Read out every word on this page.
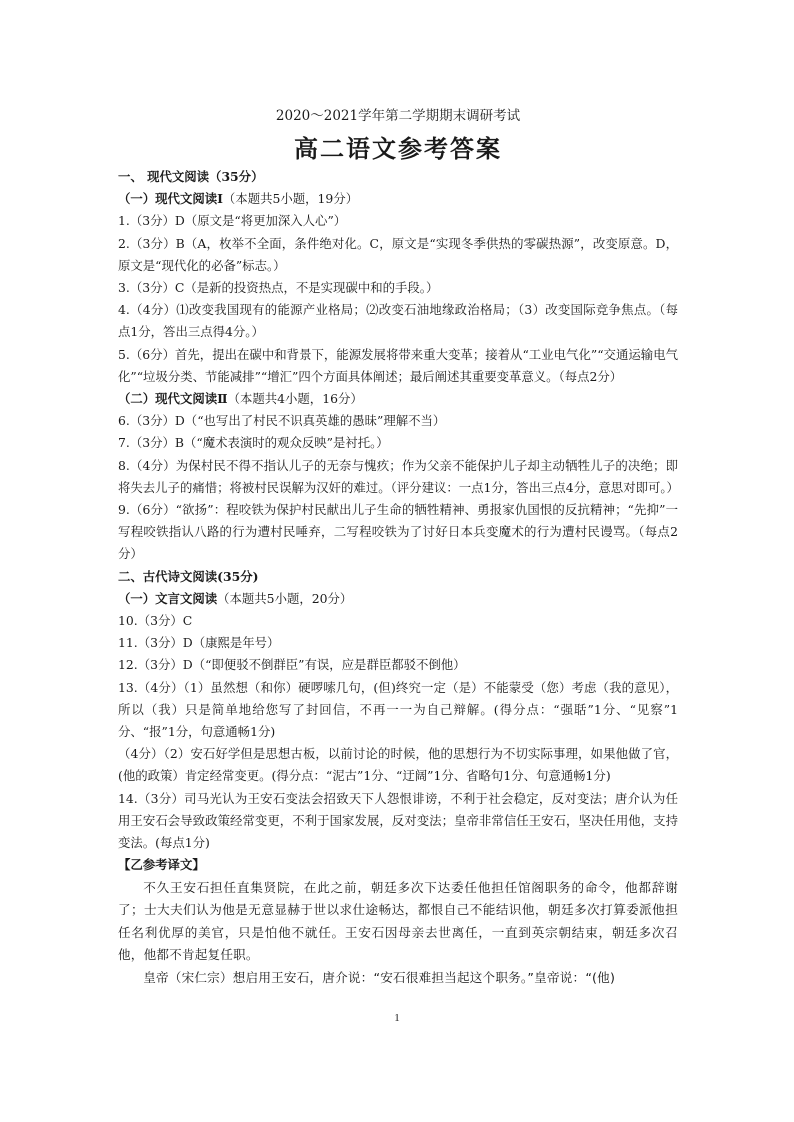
2020～2021学年第二学期期末调研考试
高二语文参考答案
一、 现代文阅读（35分）
（一）现代文阅读Ⅰ（本题共5小题，19分）
1.（3分）D（原文是“将更加深入人心”）
2.（3分）B（A，枚举不全面，条件绝对化。C，原文是“实现冬季供热的零碳热源”，改变原意。D，原文是“现代化的必备”标志。）
3.（3分）C（是新的投资热点，不是实现碳中和的手段。）
4.（4分）⑴改变我国现有的能源产业格局；⑵改变石油地缘政治格局；（3）改变国际竞争焦点。（每点1分，答出三点得4分。）
5.（6分）首先，提出在碳中和背景下，能源发展将带来重大变革；接着从“工业电气化”“交通运输电气化”“垃圾分类、节能减排”“增汇”四个方面具体阐述；最后阐述其重要变革意义。（每点2分）
（二）现代文阅读Ⅱ（本题共4小题，16分）
6.（3分）D（“也写出了村民不识真英雄的愚昧”理解不当）
7.（3分）B（“魔术表演时的观众反映”是衬托。）
8.（4分）为保村民不得不指认儿子的无奈与愧疚；作为父亲不能保护儿子却主动牺牲儿子的决绝；即将失去儿子的痛惜；将被村民误解为汉奸的难过。（评分建议：一点1分，答出三点4分，意思对即可。）
9.（6分）“欲扬”：程咬铁为保护村民献出儿子生命的牺牲精神、勇报家仇国恨的反抗精神；“先抑”一写程咬铁指认八路的行为遭村民唾弃，二写程咬铁为了讨好日本兵变魔术的行为遭村民谩骂。（每点2分）
二、古代诗文阅读(35分)
（一）文言文阅读（本题共5小题，20分）
10.（3分）C
11.（3分）D（康熙是年号）
12.（3分）D（“即便驳不倒群臣”有误，应是群臣都驳不倒他）
13.（4分）（1）虽然想（和你）硬啰嗦几句，(但)终究一定（是）不能蒙受（您）考虑（我的意见），所以（我）只是简单地给您写了封回信，不再一一为自己辩解。(得分点：“强聒”1分、“见察”1分、“报”1分，句意通畅1分)
（4分）（2）安石好学但是思想古板，以前讨论的时候，他的思想行为不切实际事理，如果他做了官，(他的政策）肯定经常变更。(得分点：“泥古”1分、“迂阔”1分、省略句1分、句意通畅1分)
14.（3分）司马光认为王安石变法会招致天下人怨恨诽谤，不利于社会稳定，反对变法；唐介认为任用王安石会导致政策经常变更，不利于国家发展，反对变法；皇帝非常信任王安石，坚决任用他，支持变法。(每点1分)
【乙参考译文】
不久王安石担任直集贤院，在此之前，朝廷多次下达委任他担任馆阁职务的命令，他都辞谢了；士大夫们认为他是无意显赫于世以求仕途畅达，都恨自己不能结识他，朝廷多次打算委派他担任名利优厚的美官，只是怕他不就任。王安石因母亲去世离任，一直到英宗朝结束，朝廷多次召他，他都不肯起复任职。
皇帝（宋仁宗）想启用王安石，唐介说：“安石很难担当起这个职务。”皇帝说：“(他)
1
